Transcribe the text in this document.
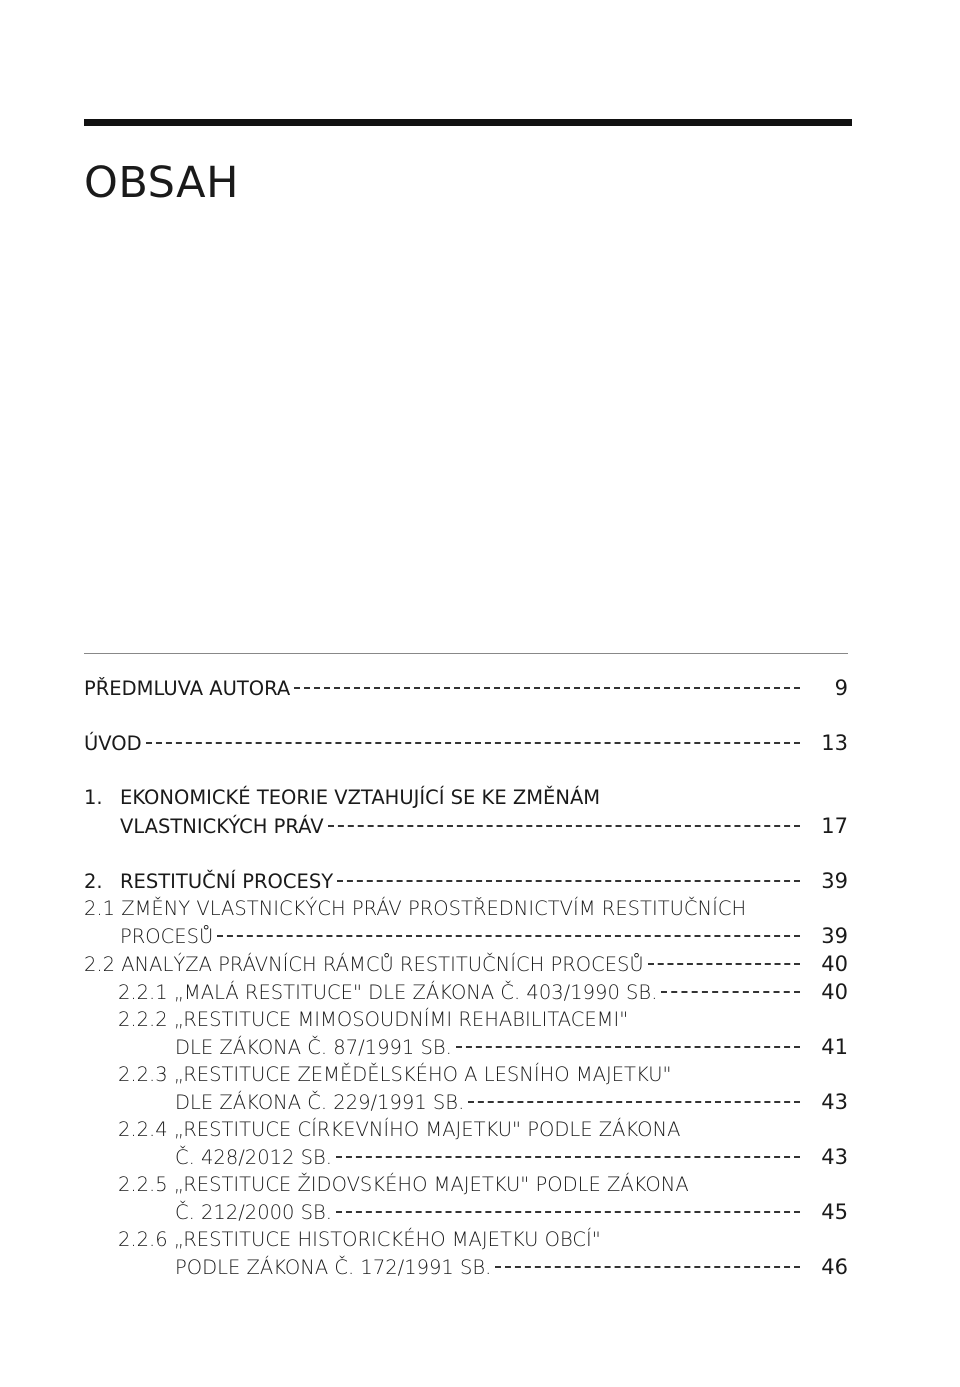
OBSAH
PŘEDMLUVA AUTORA	9
ÚVOD	13
1. EKONOMICKÉ TEORIE VZTAHUJÍCÍ SE KE ZMĚNÁM
VLASTNICKÝCH PRÁV	17
2. RESTITUČNÍ PROCESY	39
2.1 ZMĚNY VLASTNICKÝCH PRÁV PROSTŘEDNICTVÍM RESTITUČNÍCH
PROCESŮ	39
2.2 ANALÝZA PRÁVNÍCH RÁMCŮ RESTITUČNÍCH PROCESŮ	40
2.2.1 „MALÁ RESTITUCE" DLE ZÁKONA Č. 403/1990 SB.	40
2.2.2 „RESTITUCE MIMOSOUDNÍMI REHABILITACEMI"
DLE ZÁKONA Č. 87/1991 SB.	41
2.2.3 „RESTITUCE ZEMĚDĚLSKÉHO A LESNÍHO MAJETKU"
DLE ZÁKONA Č. 229/1991 SB.	43
2.2.4 „RESTITUCE CÍRKEVNÍHO MAJETKU" PODLE ZÁKONA
Č. 428/2012 SB.	43
2.2.5 „RESTITUCE ŽIDOVSKÉHO MAJETKU" PODLE ZÁKONA
Č. 212/2000 SB.	45
2.2.6 „RESTITUCE HISTORICKÉHO MAJETKU OBCÍ"
PODLE ZÁKONA Č. 172/1991 SB.	46
